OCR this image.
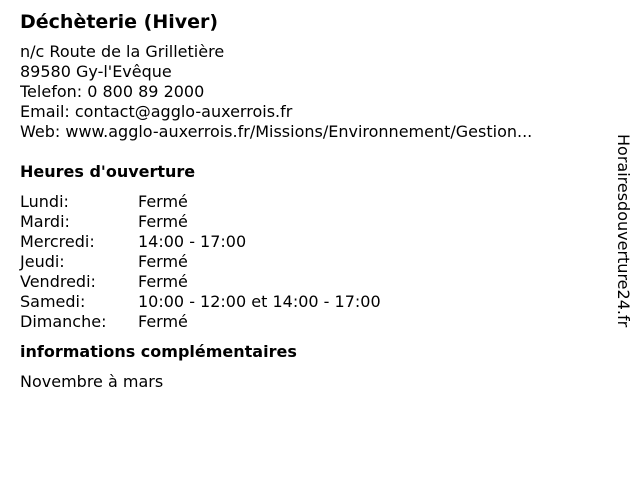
Déchèterie (Hiver)
n/c Route de la Grilletière
89580 Gy-l'Evêque
Telefon: 0 800 89 2000
Email: contact@agglo-auxerrois.fr
Web: www.agglo-auxerrois.fr/Missions/Environnement/Gestion...
Heures d'ouverture
Lundi:	Fermé
Mardi:	Fermé
Mercredi:	14:00 - 17:00
Jeudi:	Fermé
Vendredi:	Fermé
Samedi:	10:00 - 12:00 et 14:00 - 17:00
Dimanche:	Fermé
informations complémentaires
Novembre à mars
Horairesdouverture24.fr
